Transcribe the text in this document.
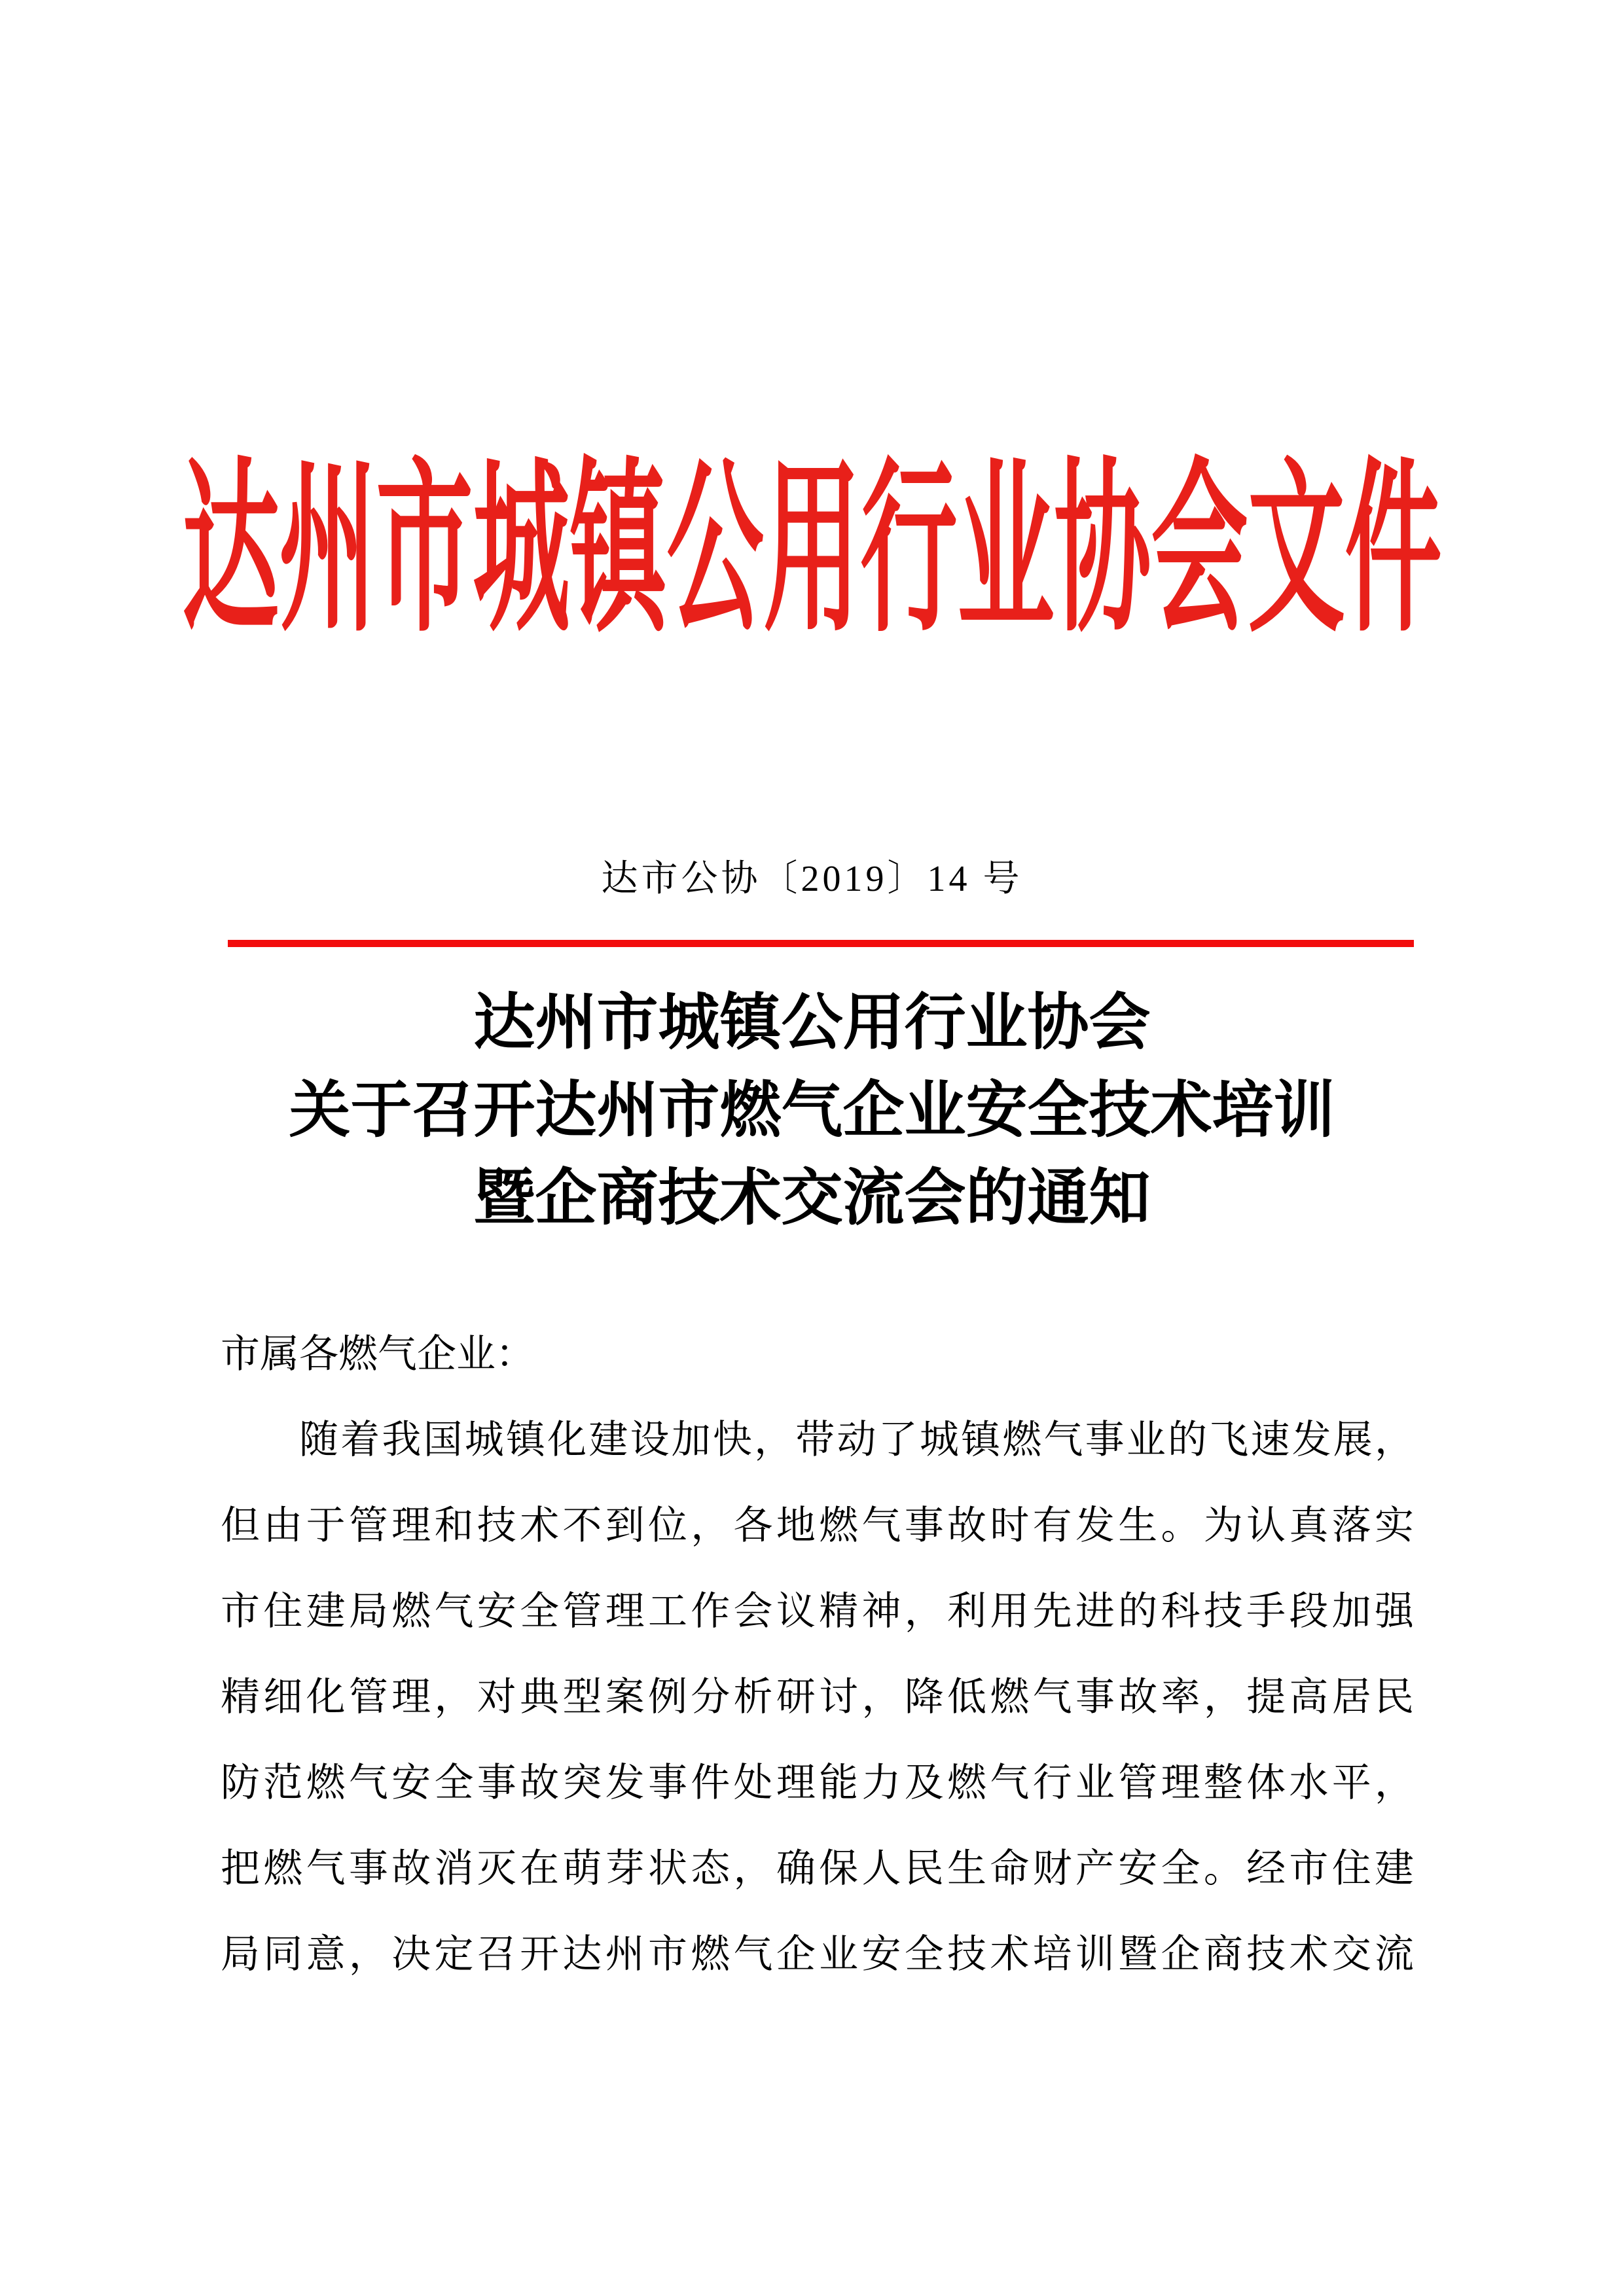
达州市城镇公用行业协会文件
达市公协〔2019〕14 号
达州市城镇公用行业协会
关于召开达州市燃气企业安全技术培训
暨企商技术交流会的通知
市属各燃气企业：
随着我国城镇化建设加快，带动了城镇燃气事业的飞速发展，
但由于管理和技术不到位，各地燃气事故时有发生。为认真落实
市住建局燃气安全管理工作会议精神，利用先进的科技手段加强
精细化管理，对典型案例分析研讨，降低燃气事故率，提高居民
防范燃气安全事故突发事件处理能力及燃气行业管理整体水平，
把燃气事故消灭在萌芽状态，确保人民生命财产安全。经市住建
局同意，决定召开达州市燃气企业安全技术培训暨企商技术交流
